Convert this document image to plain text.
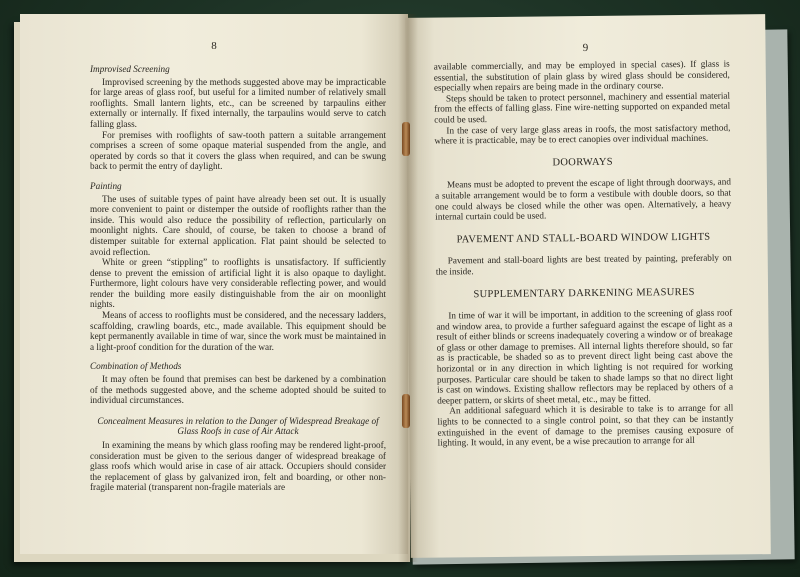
8
Improvised Screening

Improvised screening by the methods suggested above may be impracticable for large areas of glass roof, but useful for a limited number of relatively small rooflights. Small lantern lights, etc., can be screened by tarpaulins either externally or internally. If fixed internally, the tarpaulins would serve to catch falling glass.

For premises with rooflights of saw-tooth pattern a suitable arrangement comprises a screen of some opaque material suspended from the angle, and operated by cords so that it covers the glass when required, and can be swung back to permit the entry of daylight.

Painting

The uses of suitable types of paint have already been set out. It is usually more convenient to paint or distemper the outside of rooflights rather than the inside. This would also reduce the possibility of reflection, particularly on moonlight nights. Care should, of course, be taken to choose a brand of distemper suitable for external application. Flat paint should be selected to avoid reflection.

White or green “stippling” to rooflights is unsatisfactory. If sufficiently dense to prevent the emission of artificial light it is also opaque to daylight. Furthermore, light colours have very considerable reflecting power, and would render the building more easily distinguishable from the air on moonlight nights.

Means of access to rooflights must be considered, and the necessary ladders, scaffolding, crawling boards, etc., made available. This equipment should be kept permanently available in time of war, since the work must be maintained in a light-proof condition for the duration of the war.

Combination of Methods

It may often be found that premises can best be darkened by a combination of the methods suggested above, and the scheme adopted should be suited to individual circumstances.

Concealment Measures in relation to the Danger of Widespread Breakage of Glass Roofs in case of Air Attack

In examining the means by which glass roofing may be rendered light-proof, consideration must be given to the serious danger of widespread breakage of glass roofs which would arise in case of air attack. Occupiers should consider the replacement of glass by galvanized iron, felt and boarding, or other non-fragile material (transparent non-fragile materials are

9

available commercially, and may be employed in special cases). If glass is essential, the substitution of plain glass by wired glass should be considered, especially when repairs are being made in the ordinary course.

Steps should be taken to protect personnel, machinery and essential material from the effects of falling glass. Fine wire-netting supported on expanded metal could be used.

In the case of very large glass areas in roofs, the most satisfactory method, where it is practicable, may be to erect canopies over individual machines.

DOORWAYS

Means must be adopted to prevent the escape of light through doorways, and a suitable arrangement would be to form a vestibule with double doors, so that one could always be closed while the other was open. Alternatively, a heavy internal curtain could be used.

PAVEMENT AND STALL-BOARD WINDOW LIGHTS

Pavement and stall-board lights are best treated by painting, preferably on the inside.

SUPPLEMENTARY DARKENING MEASURES

In time of war it will be important, in addition to the screening of glass roof and window area, to provide a further safeguard against the escape of light as a result of either blinds or screens inadequately covering a window or of breakage of glass or other damage to premises. All internal lights therefore should, so far as is practicable, be shaded so as to prevent direct light being cast above the horizontal or in any direction in which lighting is not required for working purposes. Particular care should be taken to shade lamps so that no direct light is cast on windows. Existing shallow reflectors may be replaced by others of a deeper pattern, or skirts of sheet metal, etc., may be fitted.

An additional safeguard which it is desirable to take is to arrange for all lights to be connected to a single control point, so that they can be instantly extinguished in the event of damage to the premises causing exposure of lighting. It would, in any event, be a wise precaution to arrange for all
